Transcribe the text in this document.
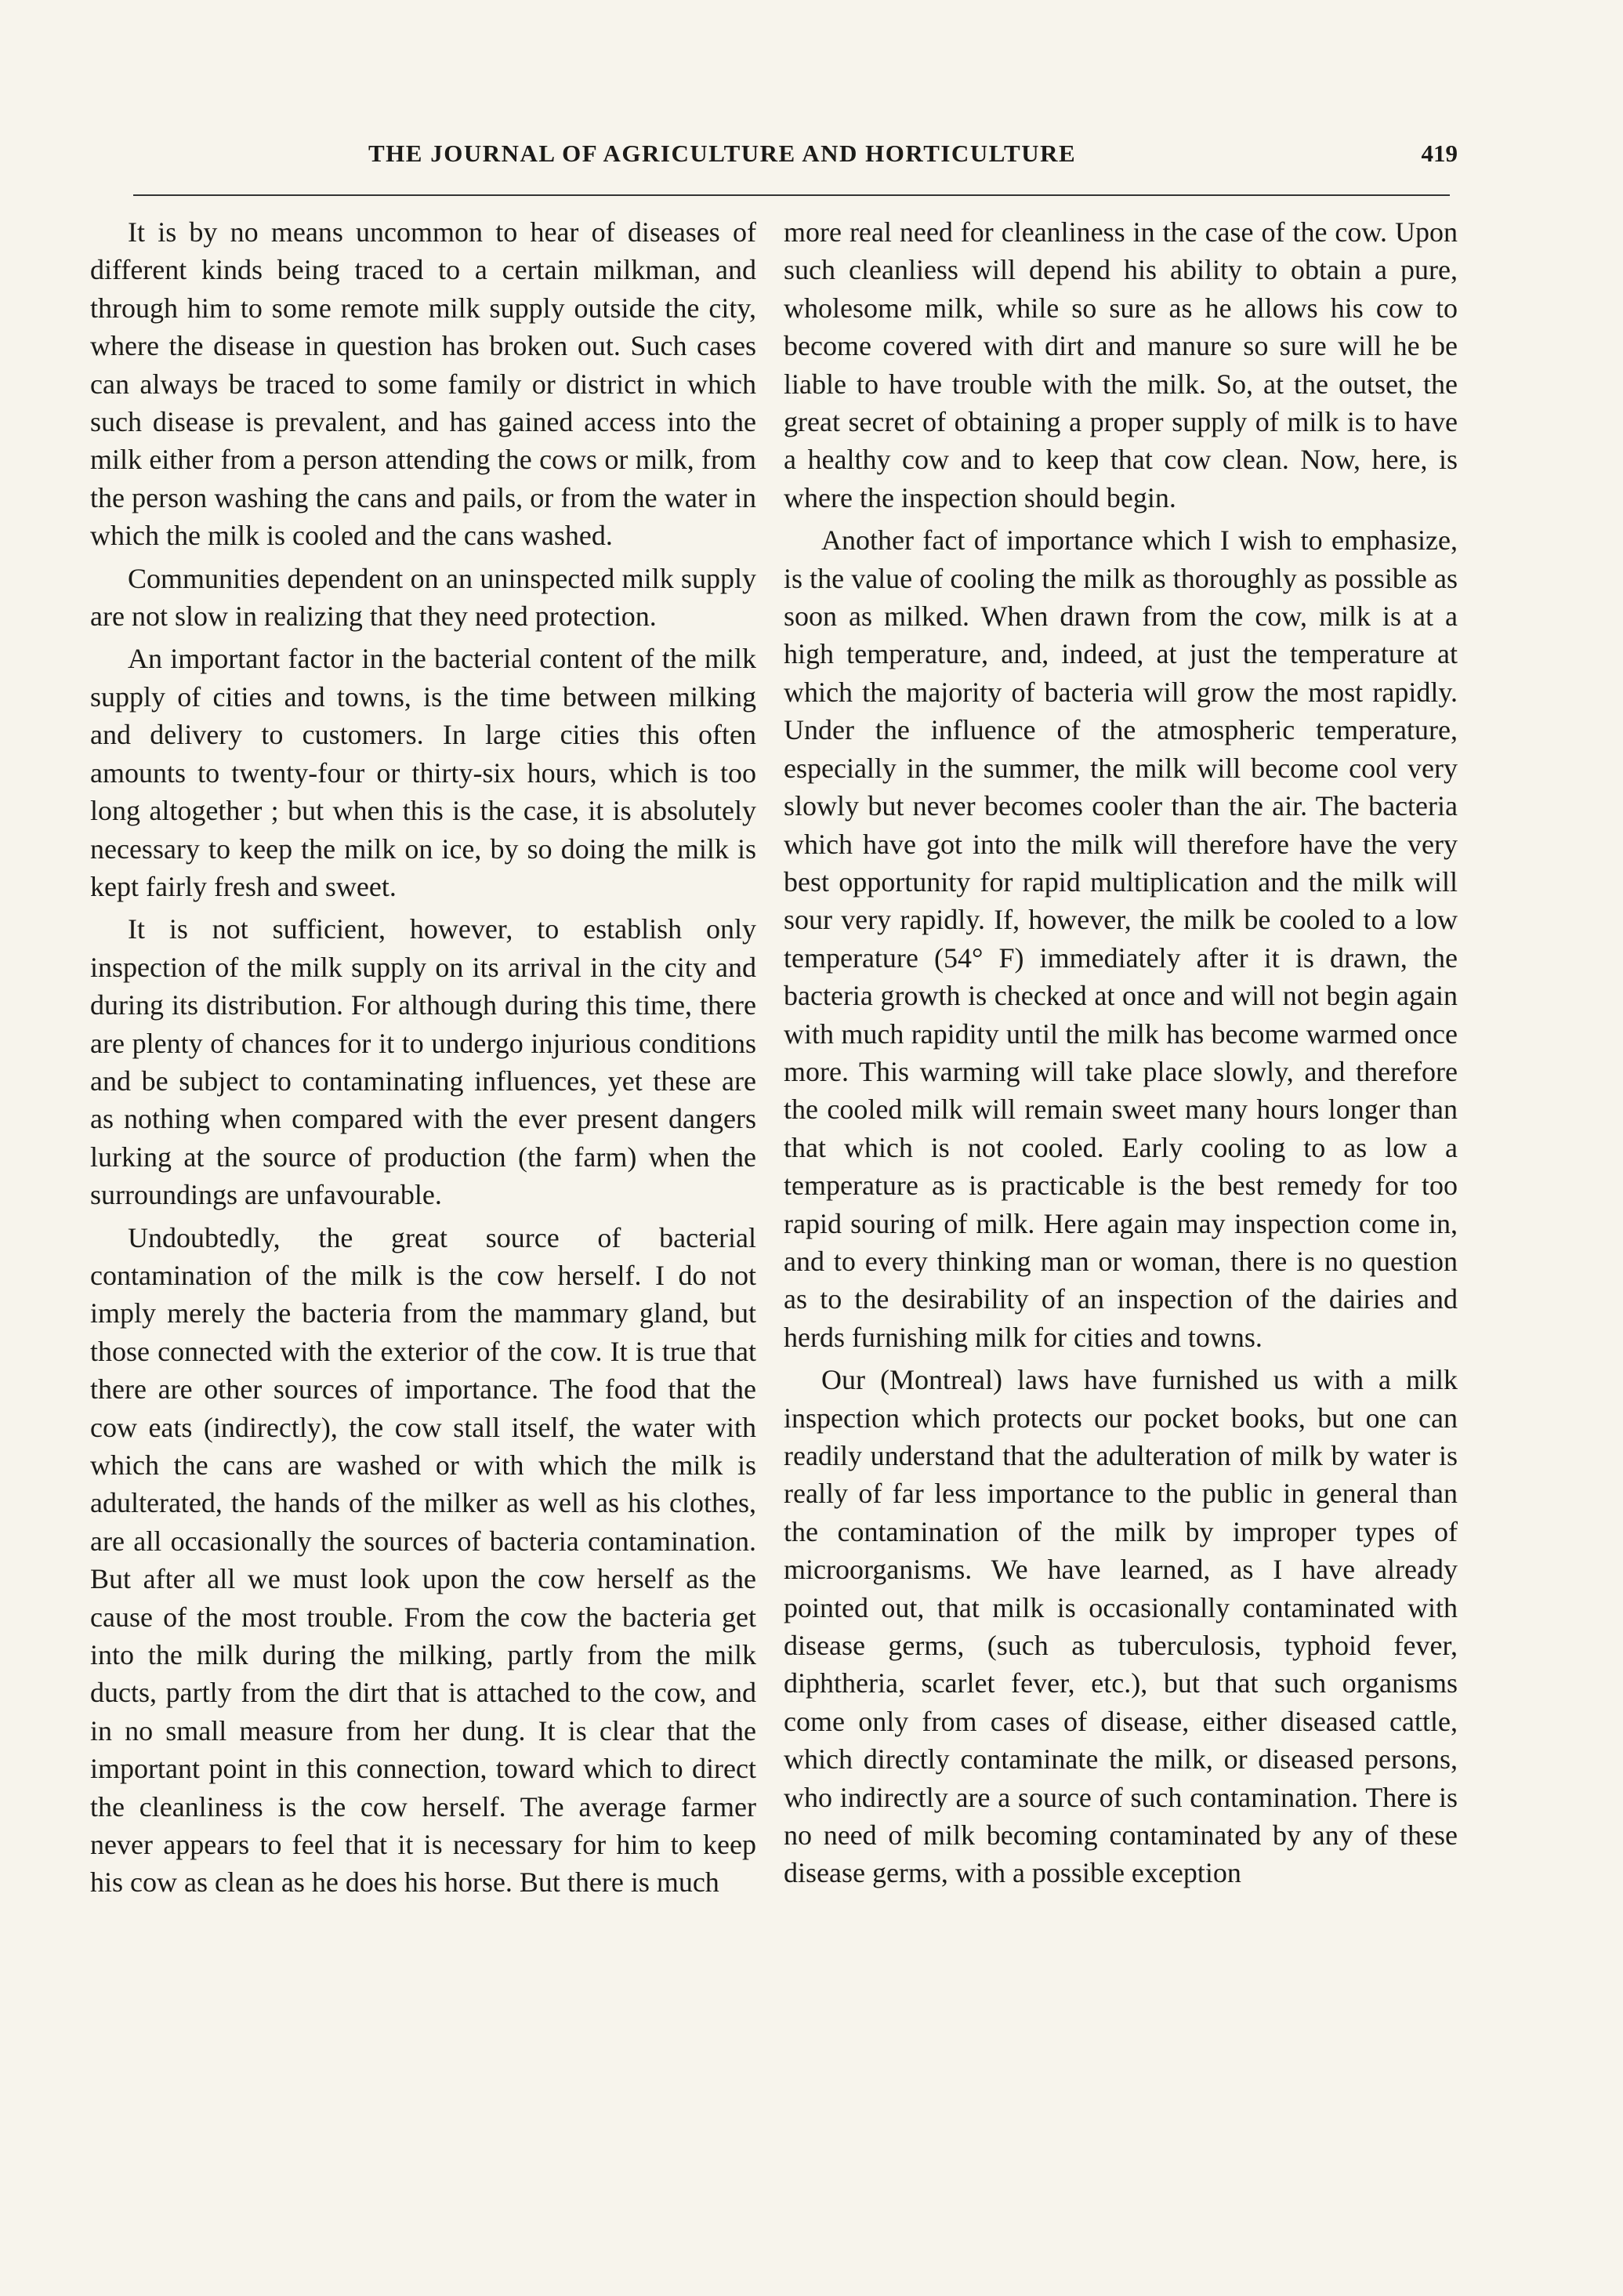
THE JOURNAL OF AGRICULTURE AND HORTICULTURE	419

It is by no means uncommon to hear of diseases of different kinds being traced to a certain milkman, and through him to some remote milk supply outside the city, where the disease in question has broken out. Such cases can always be traced to some family or district in which such disease is prevalent, and has gained access into the milk either from a person attending the cows or milk, from the person washing the cans and pails, or from the water in which the milk is cooled and the cans washed.

Communities dependent on an uninspected milk supply are not slow in realizing that they need protection.

An important factor in the bacterial content of the milk supply of cities and towns, is the time between milking and delivery to customers. In large cities this often amounts to twenty-four or thirty-six hours, which is too long altogether ; but when this is the case, it is absolutely necessary to keep the milk on ice, by so doing the milk is kept fairly fresh and sweet.

It is not sufficient, however, to establish only inspection of the milk supply on its arrival in the city and during its distribution. For although during this time, there are plenty of chances for it to undergo injurious conditions and be subject to contaminating influences, yet these are as nothing when compared with the ever present dangers lurking at the source of production (the farm) when the surroundings are unfavourable.

Undoubtedly, the great source of bacterial contamination of the milk is the cow herself. I do not imply merely the bacteria from the mammary gland, but those connected with the exterior of the cow. It is true that there are other sources of importance. The food that the cow eats (indirectly), the cow stall itself, the water with which the cans are washed or with which the milk is adulterated, the hands of the milker as well as his clothes, are all occasionally the sources of bacteria contamination. But after all we must look upon the cow herself as the cause of the most trouble. From the cow the bacteria get into the milk during the milking, partly from the milk ducts, partly from the dirt that is attached to the cow, and in no small measure from her dung. It is clear that the important point in this connection, toward which to direct the cleanliness is the cow herself. The average farmer never appears to feel that it is necessary for him to keep his cow as clean as he does his horse. But there is much

more real need for cleanliness in the case of the cow. Upon such cleanliess will depend his ability to obtain a pure, wholesome milk, while so sure as he allows his cow to become covered with dirt and manure so sure will he be liable to have trouble with the milk. So, at the outset, the great secret of obtaining a proper supply of milk is to have a healthy cow and to keep that cow clean. Now, here, is where the inspection should begin.

Another fact of importance which I wish to emphasize, is the value of cooling the milk as thoroughly as possible as soon as milked. When drawn from the cow, milk is at a high temperature, and, indeed, at just the temperature at which the majority of bacteria will grow the most rapidly. Under the influence of the atmospheric temperature, especially in the summer, the milk will become cool very slowly but never becomes cooler than the air. The bacteria which have got into the milk will therefore have the very best opportunity for rapid multiplication and the milk will sour very rapidly. If, however, the milk be cooled to a low temperature (54° F) immediately after it is drawn, the bacteria growth is checked at once and will not begin again with much rapidity until the milk has become warmed once more. This warming will take place slowly, and therefore the cooled milk will remain sweet many hours longer than that which is not cooled. Early cooling to as low a temperature as is practicable is the best remedy for too rapid souring of milk. Here again may inspection come in, and to every thinking man or woman, there is no question as to the desirability of an inspection of the dairies and herds furnishing milk for cities and towns.

Our (Montreal) laws have furnished us with a milk inspection which protects our pocket books, but one can readily understand that the adulteration of milk by water is really of far less importance to the public in general than the contamination of the milk by improper types of microorganisms. We have learned, as I have already pointed out, that milk is occasionally contaminated with disease germs, (such as tuberculosis, typhoid fever, diphtheria, scarlet fever, etc.), but that such organisms come only from cases of disease, either diseased cattle, which directly contaminate the milk, or diseased persons, who indirectly are a source of such contamination. There is no need of milk becoming contaminated by any of these disease germs, with a possible exception
